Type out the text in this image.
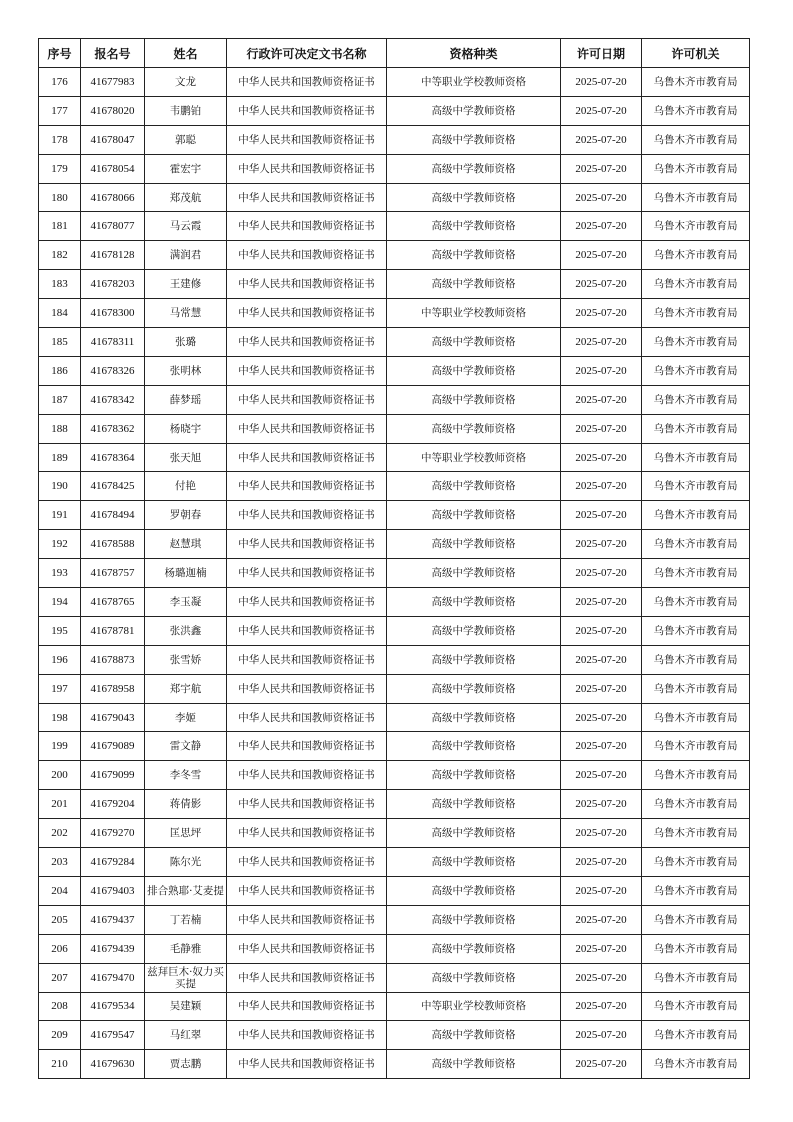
序号	报名号	姓名	行政许可决定文书名称	资格种类	许可日期	许可机关
176	41677983	文龙	中华人民共和国教师资格证书	中等职业学校教师资格	2025-07-20	乌鲁木齐市教育局
177	41678020	韦鹏铂	中华人民共和国教师资格证书	高级中学教师资格	2025-07-20	乌鲁木齐市教育局
178	41678047	郭聪	中华人民共和国教师资格证书	高级中学教师资格	2025-07-20	乌鲁木齐市教育局
179	41678054	霍宏宇	中华人民共和国教师资格证书	高级中学教师资格	2025-07-20	乌鲁木齐市教育局
180	41678066	郑茂航	中华人民共和国教师资格证书	高级中学教师资格	2025-07-20	乌鲁木齐市教育局
181	41678077	马云霞	中华人民共和国教师资格证书	高级中学教师资格	2025-07-20	乌鲁木齐市教育局
182	41678128	满润君	中华人民共和国教师资格证书	高级中学教师资格	2025-07-20	乌鲁木齐市教育局
183	41678203	王建修	中华人民共和国教师资格证书	高级中学教师资格	2025-07-20	乌鲁木齐市教育局
184	41678300	马常慧	中华人民共和国教师资格证书	中等职业学校教师资格	2025-07-20	乌鲁木齐市教育局
185	41678311	张璐	中华人民共和国教师资格证书	高级中学教师资格	2025-07-20	乌鲁木齐市教育局
186	41678326	张明林	中华人民共和国教师资格证书	高级中学教师资格	2025-07-20	乌鲁木齐市教育局
187	41678342	薛梦瑶	中华人民共和国教师资格证书	高级中学教师资格	2025-07-20	乌鲁木齐市教育局
188	41678362	杨晓宇	中华人民共和国教师资格证书	高级中学教师资格	2025-07-20	乌鲁木齐市教育局
189	41678364	张天旭	中华人民共和国教师资格证书	中等职业学校教师资格	2025-07-20	乌鲁木齐市教育局
190	41678425	付艳	中华人民共和国教师资格证书	高级中学教师资格	2025-07-20	乌鲁木齐市教育局
191	41678494	罗朝春	中华人民共和国教师资格证书	高级中学教师资格	2025-07-20	乌鲁木齐市教育局
192	41678588	赵慧琪	中华人民共和国教师资格证书	高级中学教师资格	2025-07-20	乌鲁木齐市教育局
193	41678757	杨璐迦楠	中华人民共和国教师资格证书	高级中学教师资格	2025-07-20	乌鲁木齐市教育局
194	41678765	李玉凝	中华人民共和国教师资格证书	高级中学教师资格	2025-07-20	乌鲁木齐市教育局
195	41678781	张洪鑫	中华人民共和国教师资格证书	高级中学教师资格	2025-07-20	乌鲁木齐市教育局
196	41678873	张雪娇	中华人民共和国教师资格证书	高级中学教师资格	2025-07-20	乌鲁木齐市教育局
197	41678958	郑宇航	中华人民共和国教师资格证书	高级中学教师资格	2025-07-20	乌鲁木齐市教育局
198	41679043	李姬	中华人民共和国教师资格证书	高级中学教师资格	2025-07-20	乌鲁木齐市教育局
199	41679089	雷文静	中华人民共和国教师资格证书	高级中学教师资格	2025-07-20	乌鲁木齐市教育局
200	41679099	李冬雪	中华人民共和国教师资格证书	高级中学教师资格	2025-07-20	乌鲁木齐市教育局
201	41679204	蒋倩影	中华人民共和国教师资格证书	高级中学教师资格	2025-07-20	乌鲁木齐市教育局
202	41679270	匡思坪	中华人民共和国教师资格证书	高级中学教师资格	2025-07-20	乌鲁木齐市教育局
203	41679284	陈尔光	中华人民共和国教师资格证书	高级中学教师资格	2025-07-20	乌鲁木齐市教育局
204	41679403	排合熟耶·艾麦提	中华人民共和国教师资格证书	高级中学教师资格	2025-07-20	乌鲁木齐市教育局
205	41679437	丁若楠	中华人民共和国教师资格证书	高级中学教师资格	2025-07-20	乌鲁木齐市教育局
206	41679439	毛静雅	中华人民共和国教师资格证书	高级中学教师资格	2025-07-20	乌鲁木齐市教育局
207	41679470	兹拜巨木·奴力买买提	中华人民共和国教师资格证书	高级中学教师资格	2025-07-20	乌鲁木齐市教育局
208	41679534	吴建颖	中华人民共和国教师资格证书	中等职业学校教师资格	2025-07-20	乌鲁木齐市教育局
209	41679547	马红翠	中华人民共和国教师资格证书	高级中学教师资格	2025-07-20	乌鲁木齐市教育局
210	41679630	贾志鹏	中华人民共和国教师资格证书	高级中学教师资格	2025-07-20	乌鲁木齐市教育局
